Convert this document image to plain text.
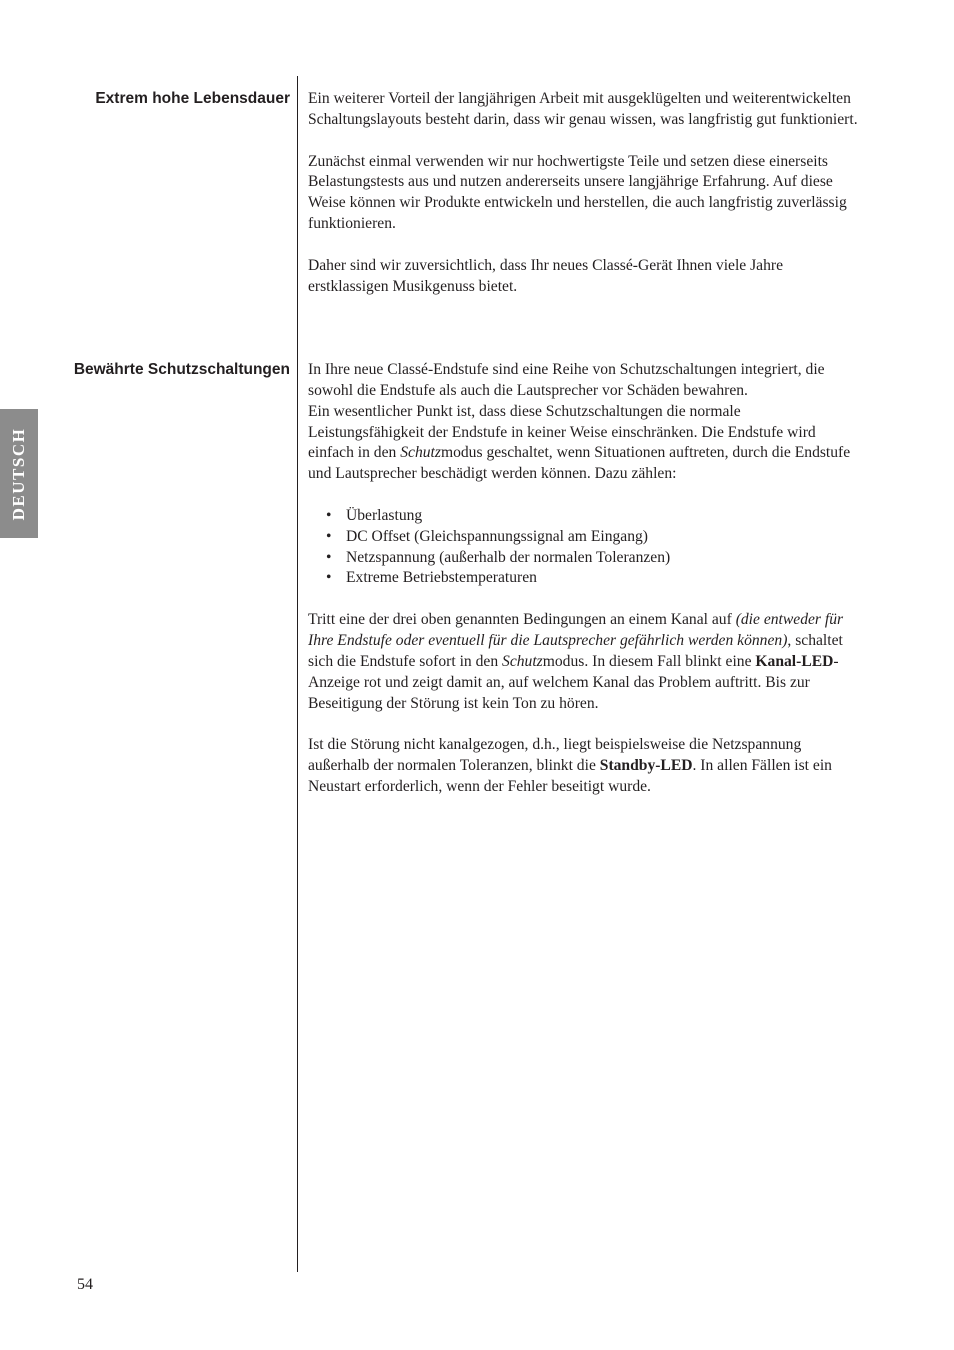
DEUTSCH
Extrem hohe Lebensdauer Ein weiterer Vorteil der langjährigen Arbeit mit ausgeklügelten und weiterentwickelten Schaltungslayouts besteht darin, dass wir genau wissen, was langfristig gut funktioniert.

Zunächst einmal verwenden wir nur hochwertigste Teile und setzen diese einerseits Belastungstests aus und nutzen andererseits unsere langjährige Erfahrung. Auf diese Weise können wir Produkte entwickeln und herstellen, die auch langfristig zuverlässig funktionieren.

Daher sind wir zuversichtlich, dass Ihr neues Classé-Gerät Ihnen viele Jahre erstklassigen Musikgenuss bietet.

Bewährte Schutzschaltungen In Ihre neue Classé-Endstufe sind eine Reihe von Schutzschaltungen integriert, die sowohl die Endstufe als auch die Lautsprecher vor Schäden bewahren.

Ein wesentlicher Punkt ist, dass diese Schutzschaltungen die normale Leistungsfähigkeit der Endstufe in keiner Weise einschränken. Die Endstufe wird einfach in den Schutzmodus geschaltet, wenn Situationen auftreten, durch die Endstufe und Lautsprecher beschädigt werden können. Dazu zählen:

• Überlastung
• DC Offset (Gleichspannungssignal am Eingang)
• Netzspannung (außerhalb der normalen Toleranzen)
• Extreme Betriebstemperaturen

Tritt eine der drei oben genannten Bedingungen an einem Kanal auf (die entweder für Ihre Endstufe oder eventuell für die Lautsprecher gefährlich werden können), schaltet sich die Endstufe sofort in den Schutzmodus. In diesem Fall blinkt eine Kanal-LED-Anzeige rot und zeigt damit an, auf welchem Kanal das Problem auftritt. Bis zur Beseitigung der Störung ist kein Ton zu hören.

Ist die Störung nicht kanalgezogen, d.h., liegt beispielsweise die Netzspannung außerhalb der normalen Toleranzen, blinkt die Standby-LED. In allen Fällen ist ein Neustart erforderlich, wenn der Fehler beseitigt wurde.

54
